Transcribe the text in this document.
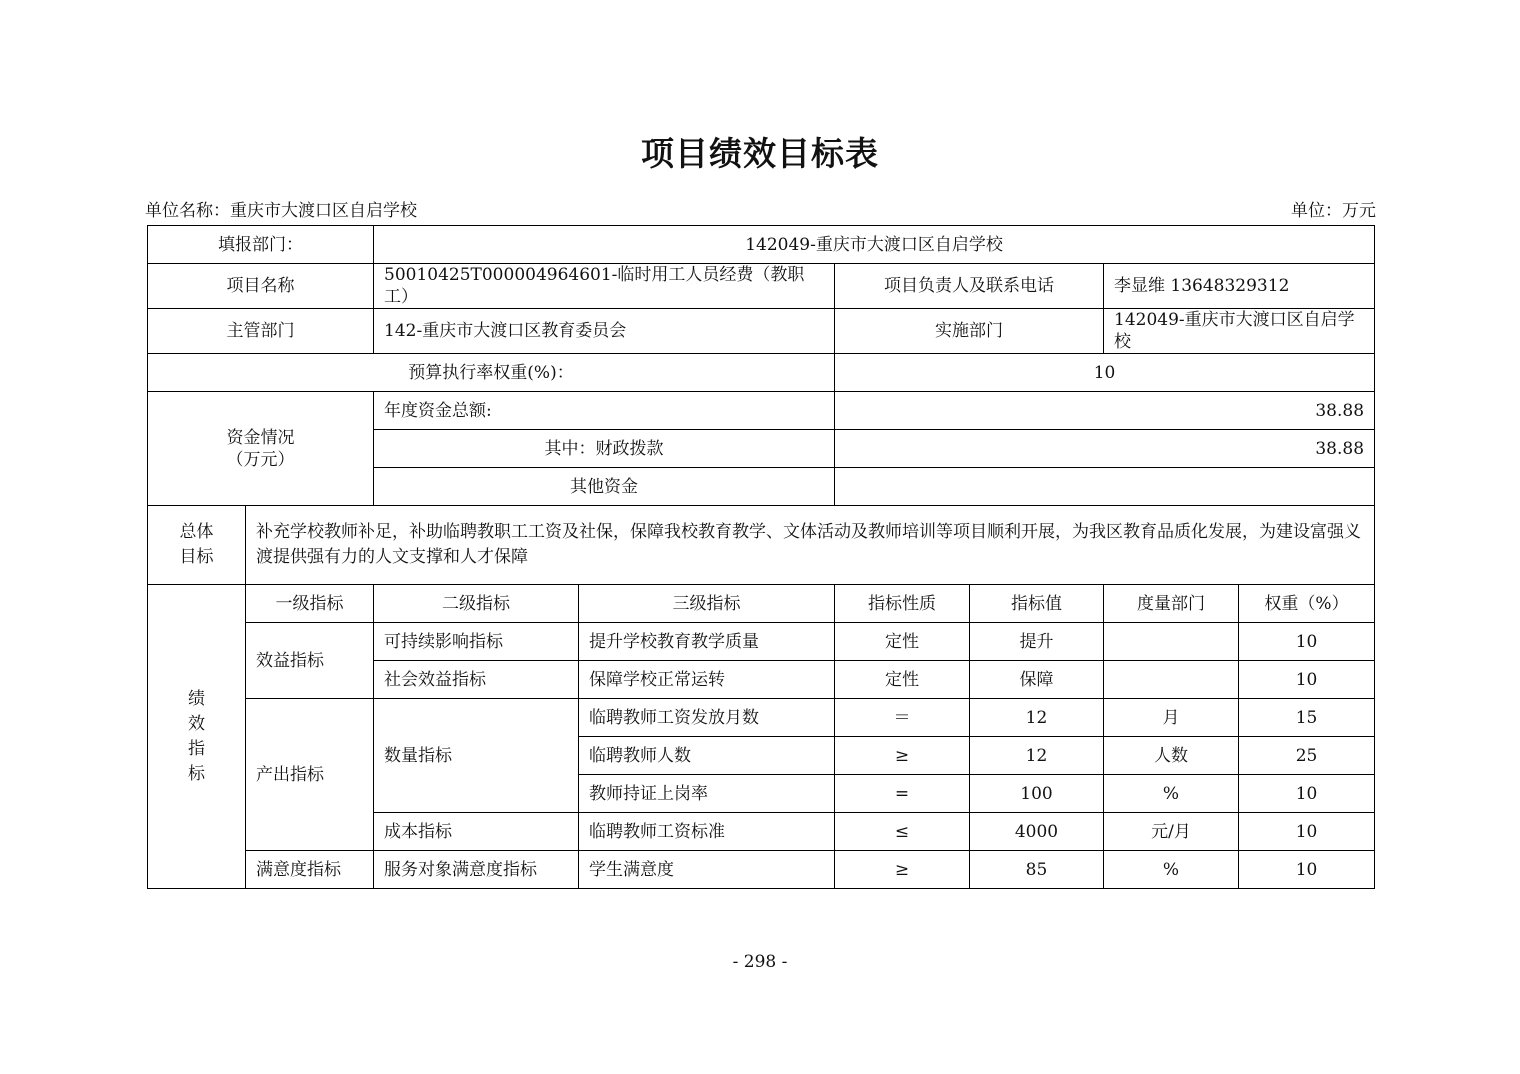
项目绩效目标表
单位名称：重庆市大渡口区自启学校	单位：万元
填报部门：		142049-重庆市大渡口区自启学校					
项目名称		50010425T000004964601-临时用工人员经费（教职工）		项目负责人及联系电话		李显维 13648329312	
主管部门		142-重庆市大渡口区教育委员会		实施部门		142049-重庆市大渡口区自启学校	
预算执行率权重(%)：				10			

资金情况
（万元）		年度资金总额:		38.88			
		其中：财政拨款		38.88			
		其他资金					

总体
目标	补充学校教师补足，补助临聘教职工工资及社保，保障我校教育教学、文体活动及教师培训等项目顺利开展，为我区教育品质化发展，为建设富强义渡提供强有力的人文支撑和人才保障						

绩
效
指
标	一级指标	二级指标	三级指标	指标性质	指标值	度量部门	权重（%）
	效益指标	可持续影响指标	提升学校教育教学质量	定性	提升		10
		社会效益指标	保障学校正常运转	定性	保障		10
	产出指标	数量指标	临聘教师工资发放月数	＝	12	月	15
			临聘教师人数	≥	12	人数	25
			教师持证上岗率	=	100	%	10
		成本指标	临聘教师工资标准	≤	4000	元/月	10
	满意度指标	服务对象满意度指标	学生满意度	≥	85	%	10
- 298 -
